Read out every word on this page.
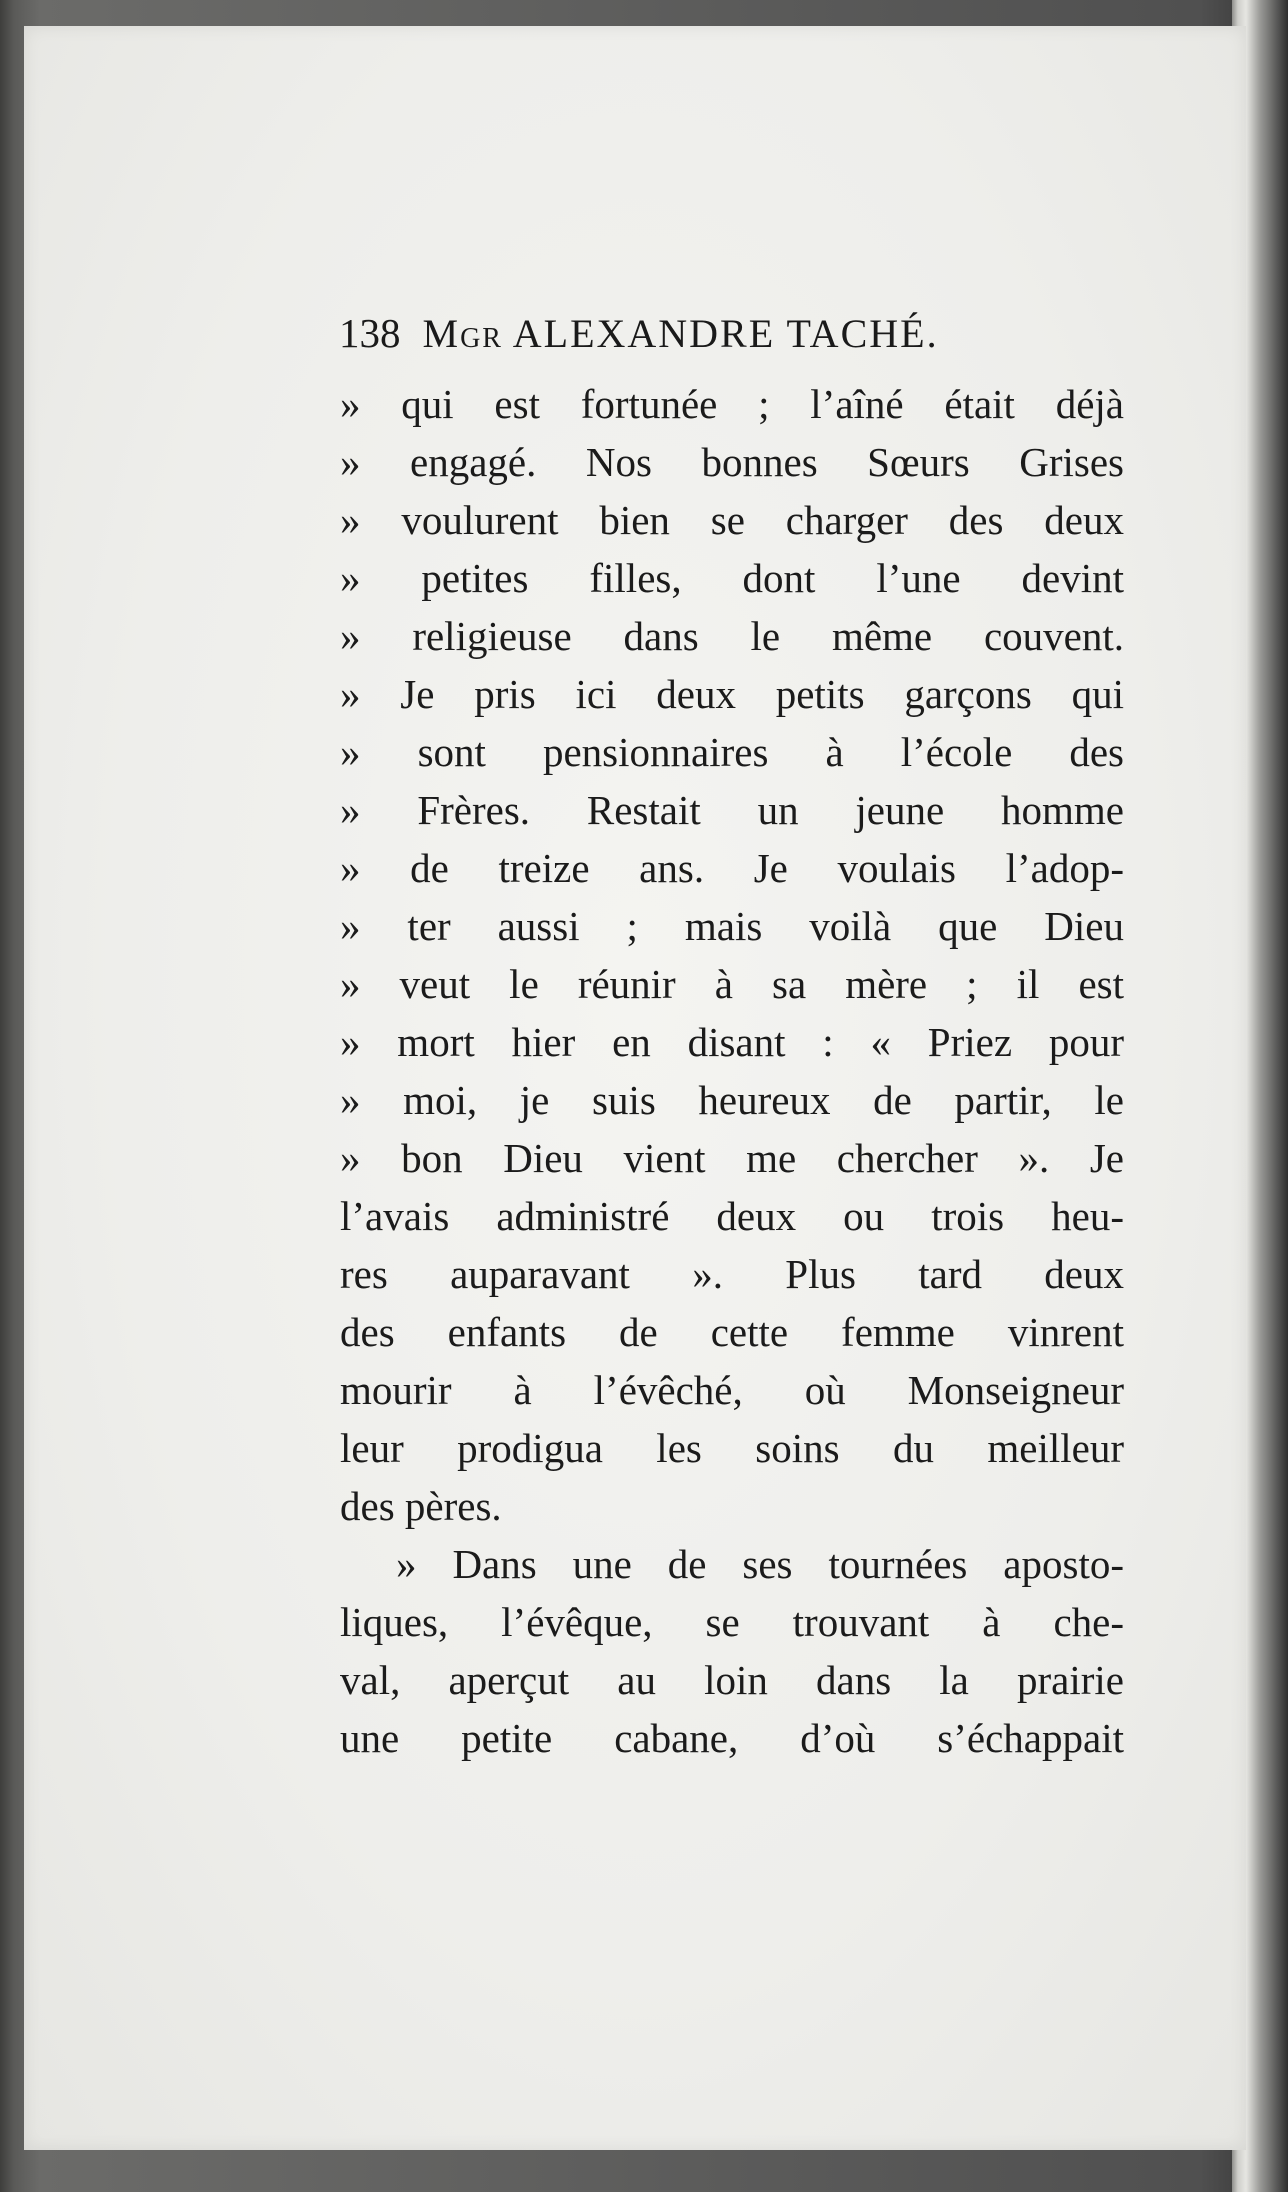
138 Mgr ALEXANDRE TACHÉ.
» qui est fortunée ; l’aîné était déjà
» engagé. Nos bonnes Sœurs Grises
» voulurent bien se charger des deux
» petites filles, dont l’une devint
» religieuse dans le même couvent.
» Je pris ici deux petits garçons qui
» sont pensionnaires à l’école des
» Frères. Restait un jeune homme
» de treize ans. Je voulais l’adop-
» ter aussi ; mais voilà que Dieu
» veut le réunir à sa mère ; il est
» mort hier en disant : « Priez pour
» moi, je suis heureux de partir, le
» bon Dieu vient me chercher ». Je
l’avais administré deux ou trois heu-
res auparavant ». Plus tard deux
des enfants de cette femme vinrent
mourir à l’évêché, où Monseigneur
leur prodigua les soins du meilleur
des pères.
» Dans une de ses tournées aposto-
liques, l’évêque, se trouvant à che-
val, aperçut au loin dans la prairie
une petite cabane, d’où s’échappait
